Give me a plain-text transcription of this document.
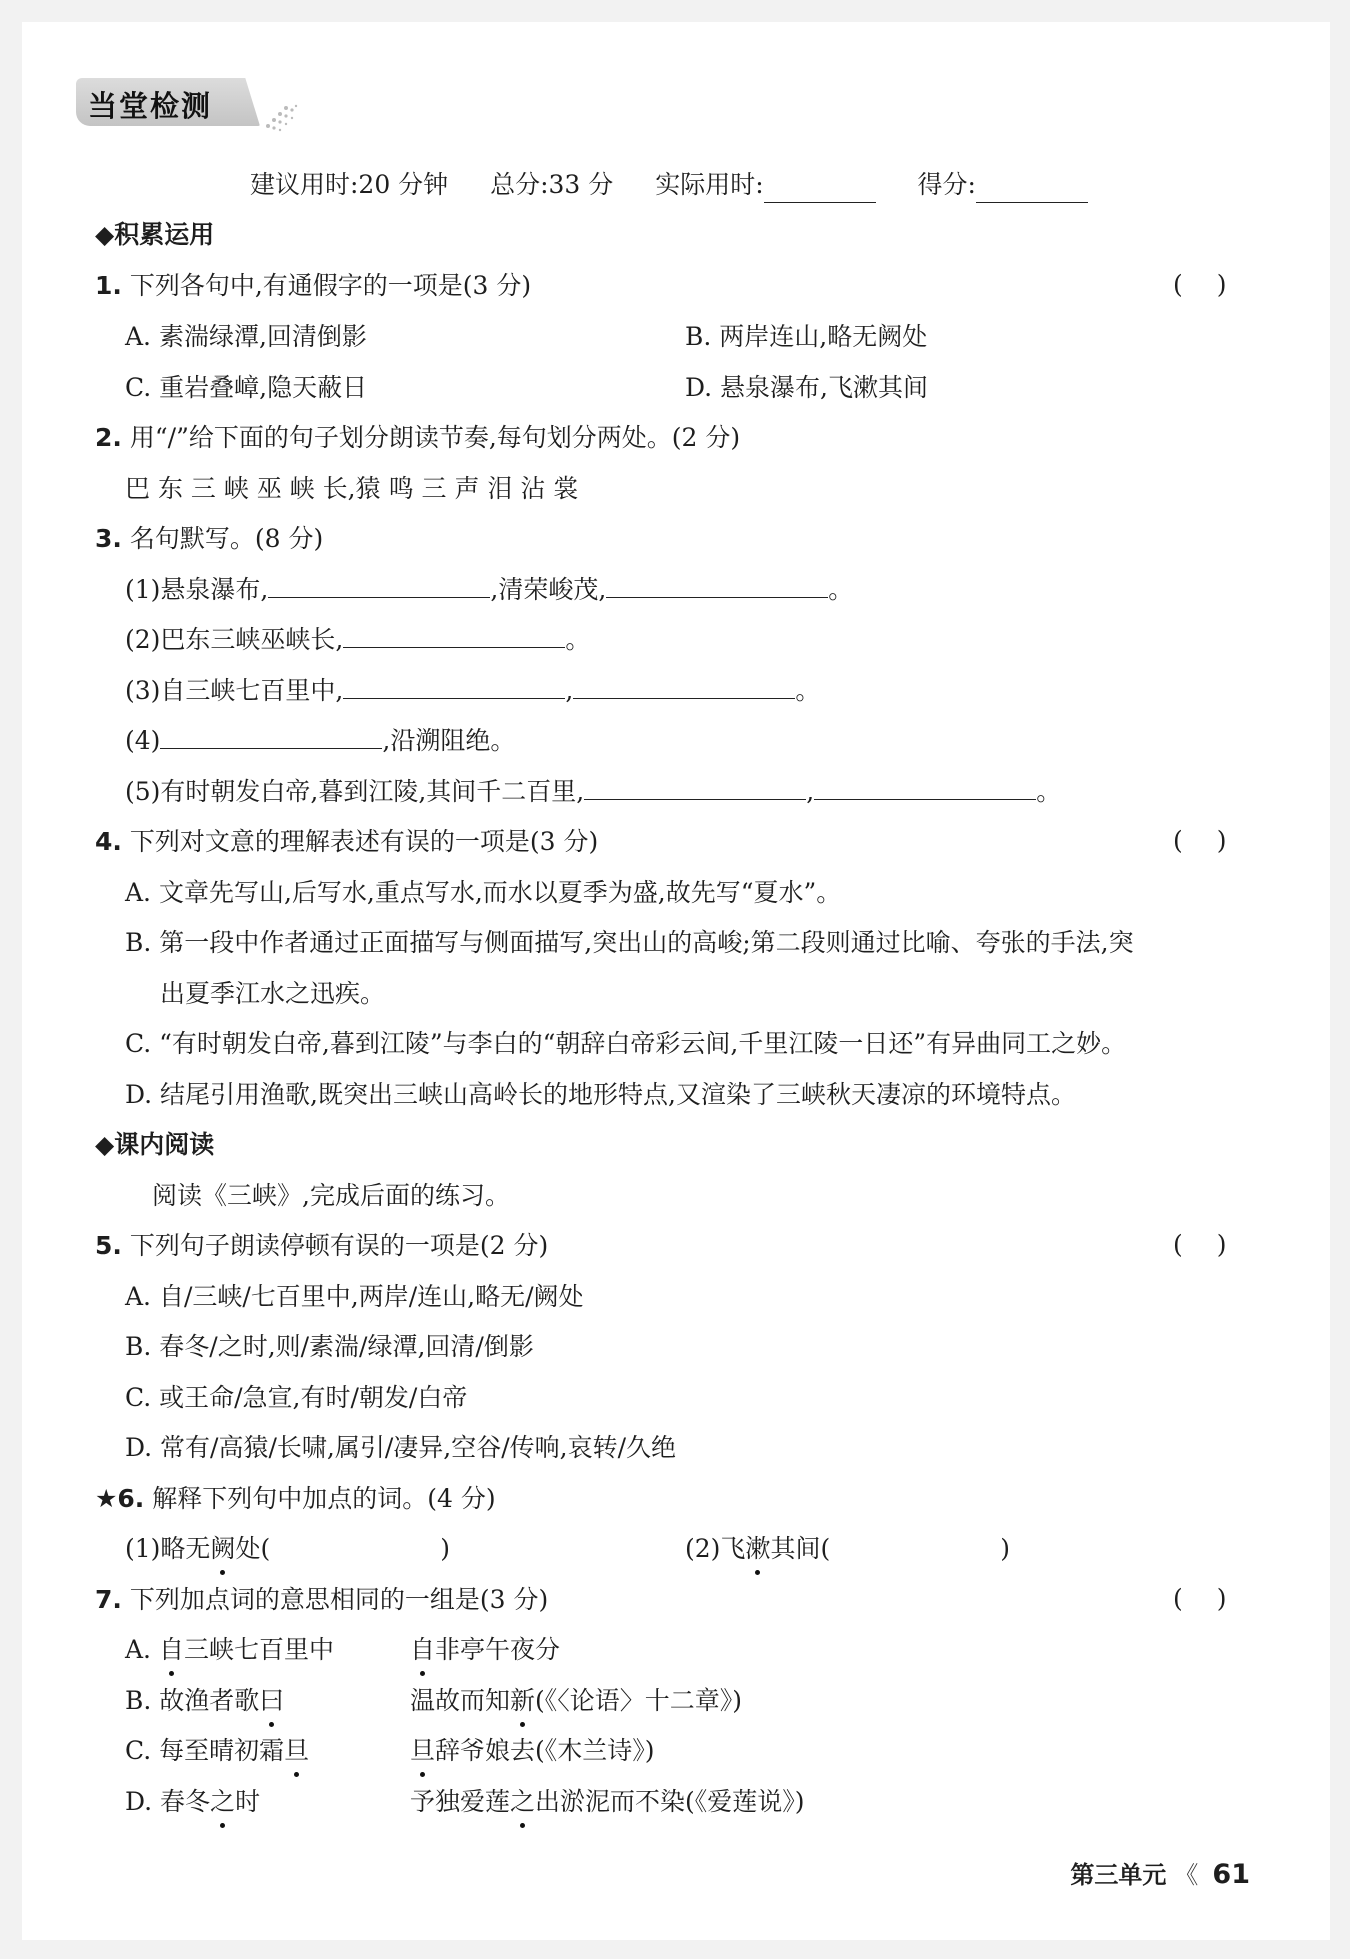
当堂检测
建议用时:20 分钟 总分:33 分 实际用时:	得分:
◆积累运用
1. 下列各句中,有通假字的一项是(3 分)	()
A. 素湍绿潭,回清倒影	B. 两岸连山,略无阙处
C. 重岩叠嶂,隐天蔽日	D. 悬泉瀑布,飞漱其间
2. 用“/”给下面的句子划分朗读节奏,每句划分两处。(2 分)
巴 东 三 峡 巫 峡 长,猿 鸣 三 声 泪 沾 裳
3. 名句默写。(8 分)
(1)悬泉瀑布,	,清荣峻茂,	。
(2)巴东三峡巫峡长,	。
(3)自三峡七百里中,	,	。
(4)	,沿溯阻绝。
(5)有时朝发白帝,暮到江陵,其间千二百里,	,	。
4. 下列对文意的理解表述有误的一项是(3 分)	()
A. 文章先写山,后写水,重点写水,而水以夏季为盛,故先写“夏水”。
B. 第一段中作者通过正面描写与侧面描写,突出山的高峻;第二段则通过比喻、夸张的手法,突
出夏季江水之迅疾。
C. “有时朝发白帝,暮到江陵”与李白的“朝辞白帝彩云间,千里江陵一日还”有异曲同工之妙。
D. 结尾引用渔歌,既突出三峡山高岭长的地形特点,又渲染了三峡秋天凄凉的环境特点。
◆课内阅读
阅读《三峡》,完成后面的练习。
5. 下列句子朗读停顿有误的一项是(2 分)	()
A. 自/三峡/七百里中,两岸/连山,略无/阙处
B. 春冬/之时,则/素湍/绿潭,回清/倒影
C. 或王命/急宣,有时/朝发/白帝
D. 常有/高猿/长啸,属引/凄异,空谷/传响,哀转/久绝
★6. 解释下列句中加点的词。(4 分)
(1)略无阙处(	)	(2)飞漱其间(	)
7. 下列加点词的意思相同的一组是(3 分)	()
A. 自三峡七百里中	自非亭午夜分
B. 故渔者歌曰	温故而知新(《〈论语〉十二章》)
C. 每至晴初霜旦	旦辞爷娘去(《木兰诗》)
D. 春冬之时	予独爱莲之出淤泥而不染(《爱莲说》)
第三单元 《 61
